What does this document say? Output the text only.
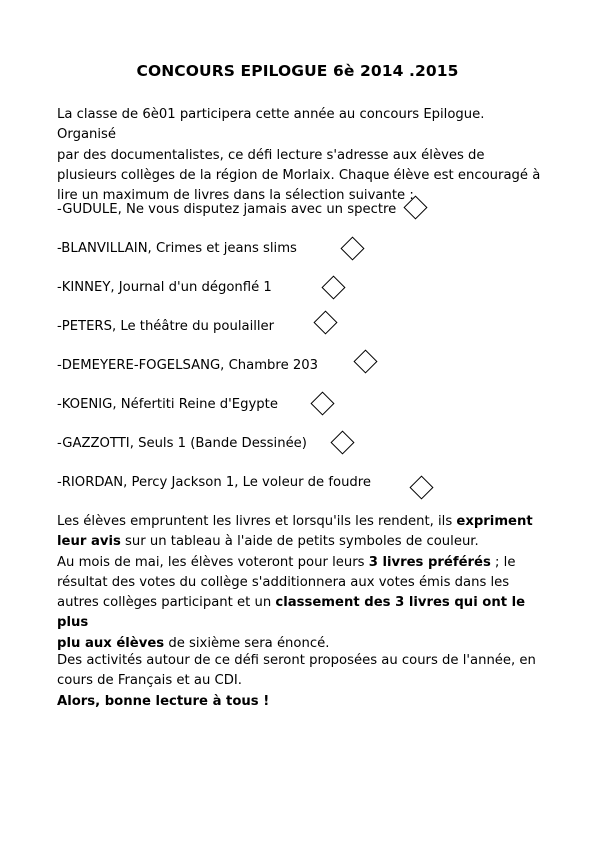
CONCOURS EPILOGUE 6è 2014 .2015

La classe de 6è01 participera cette année au concours Epilogue. Organisé
par des documentalistes, ce défi lecture s'adresse aux élèves de
plusieurs collèges de la région de Morlaix. Chaque élève est encouragé à
lire un maximum de livres dans la sélection suivante :

-GUDULE, Ne vous disputez jamais avec un spectre

-BLANVILLAIN, Crimes et jeans slims

-KINNEY, Journal d'un dégonflé 1

-PETERS, Le théâtre du poulailler

-DEMEYERE-FOGELSANG, Chambre 203

-KOENIG, Néfertiti Reine d'Egypte

-GAZZOTTI, Seuls 1 (Bande Dessinée)

-RIORDAN, Percy Jackson 1, Le voleur de foudre

Les élèves empruntent les livres et lorsqu'ils les rendent, ils expriment
leur avis sur un tableau à l'aide de petits symboles de couleur.
Au mois de mai, les élèves voteront pour leurs 3 livres préférés ; le
résultat des votes du collège s'additionnera aux votes émis dans les
autres collèges participant et un classement des 3 livres qui ont le plus
plu aux élèves de sixième sera énoncé.

Des activités autour de ce défi seront proposées au cours de l'année, en
cours de Français et au CDI.
Alors, bonne lecture à tous !
